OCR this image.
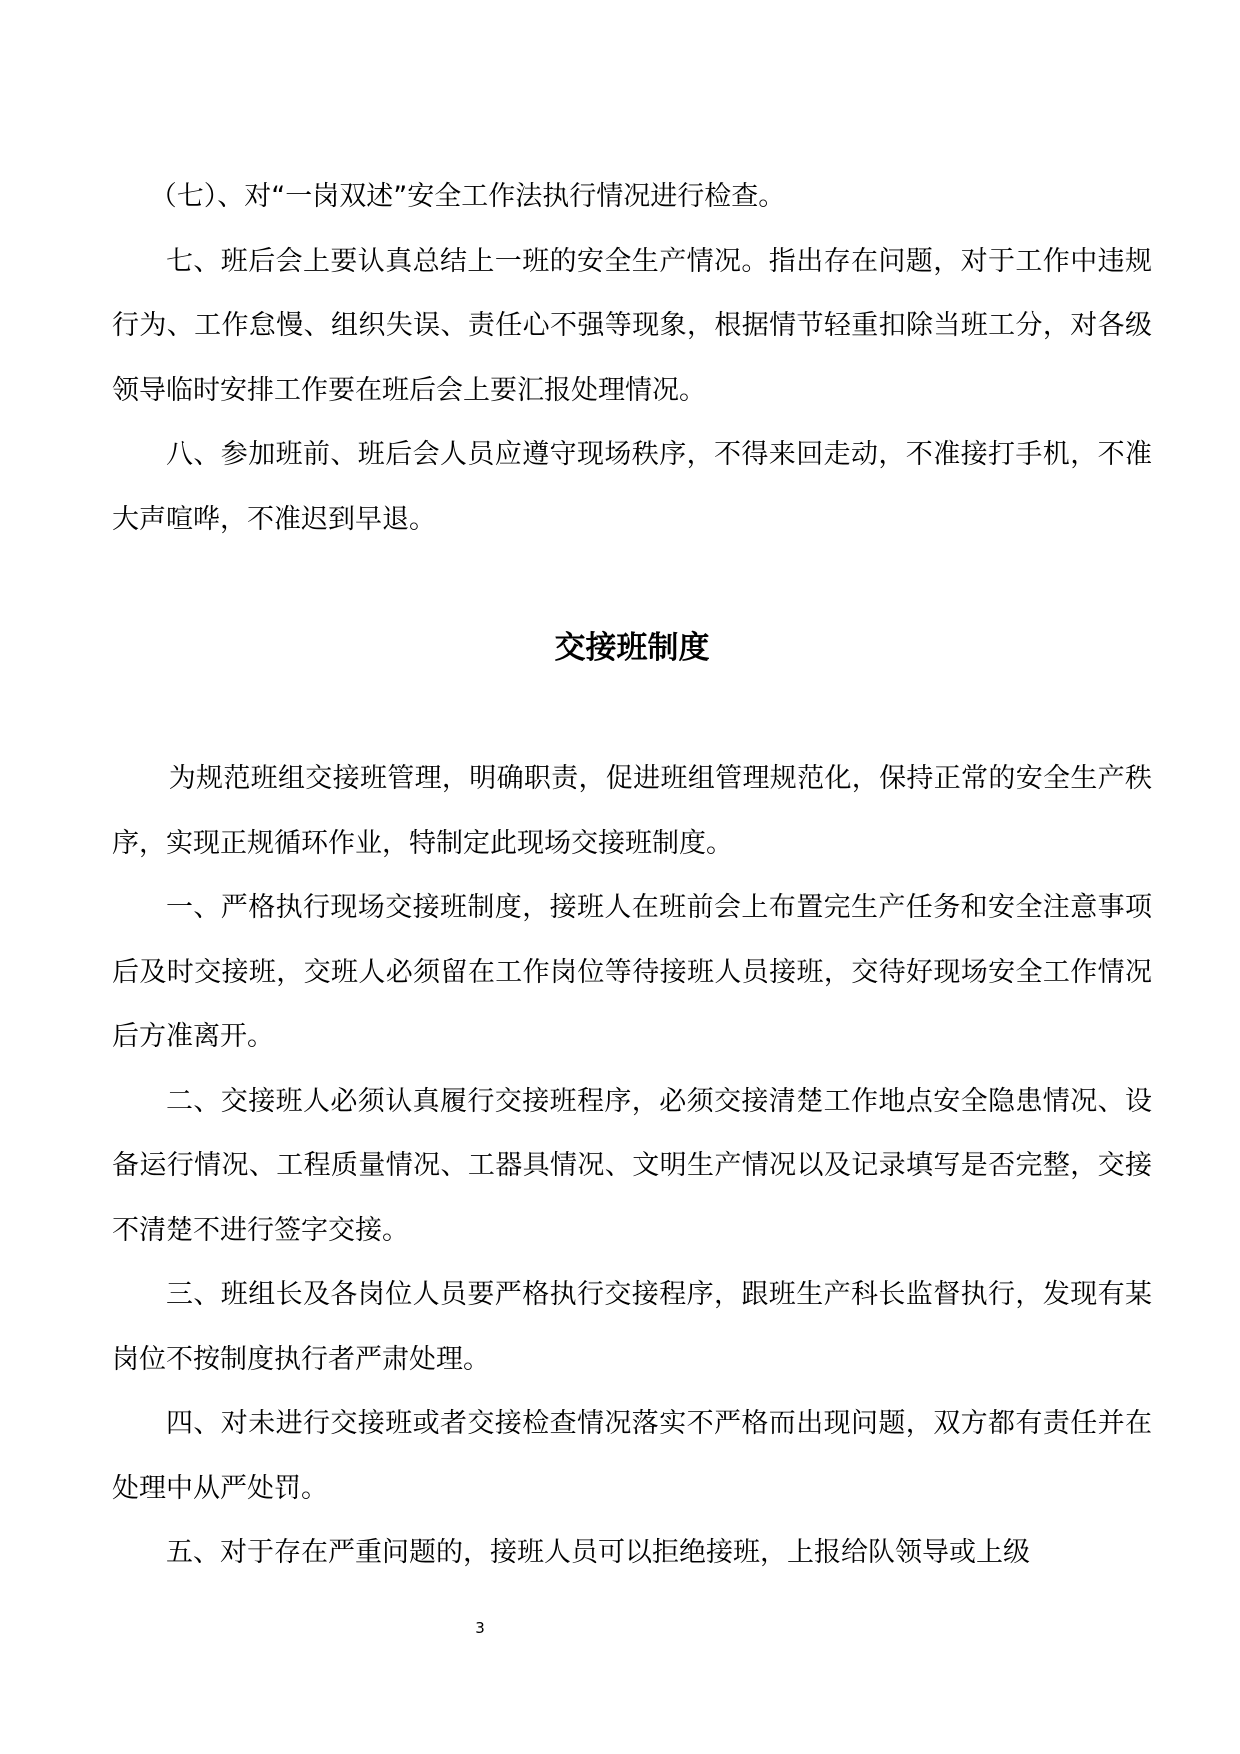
（七）、对“一岗双述”安全工作法执行情况进行检查。

七、班后会上要认真总结上一班的安全生产情况。指出存在问题，对于工作中违规行为、工作怠慢、组织失误、责任心不强等现象，根据情节轻重扣除当班工分，对各级领导临时安排工作要在班后会上要汇报处理情况。

八、参加班前、班后会人员应遵守现场秩序，不得来回走动，不准接打手机，不准大声喧哗，不准迟到早退。

交接班制度

为规范班组交接班管理，明确职责，促进班组管理规范化，保持正常的安全生产秩序，实现正规循环作业，特制定此现场交接班制度。

一、严格执行现场交接班制度，接班人在班前会上布置完生产任务和安全注意事项后及时交接班，交班人必须留在工作岗位等待接班人员接班，交待好现场安全工作情况后方准离开。

二、交接班人必须认真履行交接班程序，必须交接清楚工作地点安全隐患情况、设备运行情况、工程质量情况、工器具情况、文明生产情况以及记录填写是否完整，交接不清楚不进行签字交接。

三、班组长及各岗位人员要严格执行交接程序，跟班生产科长监督执行，发现有某岗位不按制度执行者严肃处理。

四、对未进行交接班或者交接检查情况落实不严格而出现问题，双方都有责任并在处理中从严处罚。

五、对于存在严重问题的，接班人员可以拒绝接班，上报给队领导或上级

3
